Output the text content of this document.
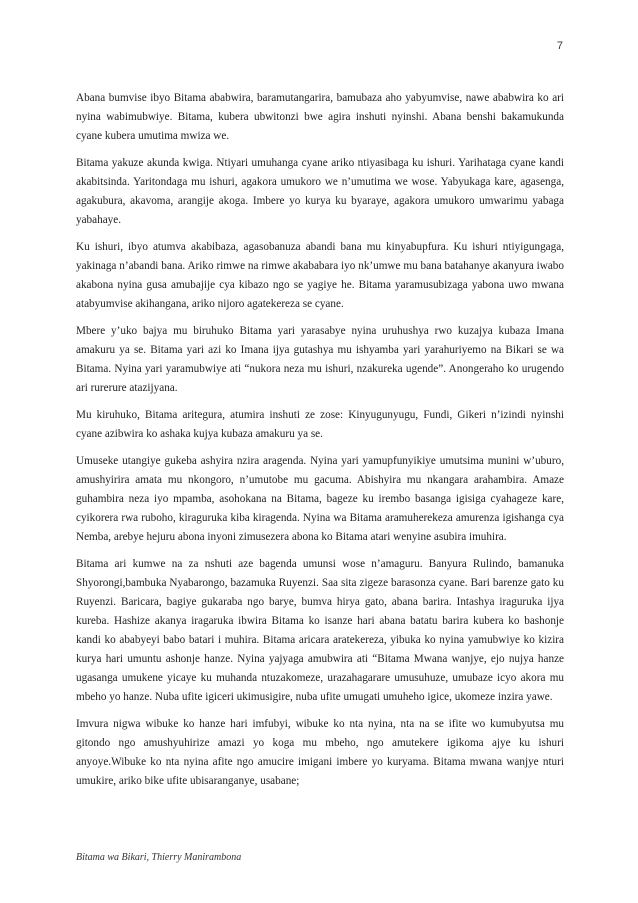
7

Abana bumvise ibyo Bitama ababwira, baramutangarira, bamubaza aho yabyumvise, nawe ababwira ko ari nyina wabimubwiye. Bitama, kubera ubwitonzi bwe agira inshuti nyinshi. Abana benshi bakamukunda cyane kubera umutima mwiza we.

Bitama yakuze akunda kwiga. Ntiyari umuhanga cyane ariko ntiyasibaga ku ishuri. Yarihataga cyane kandi akabitsinda. Yaritondaga mu ishuri, agakora umukoro we n’umutima we wose. Yabyukaga kare, agasenga, agakubura, akavoma, arangije akoga. Imbere yo kurya ku byaraye, agakora umukoro umwarimu yabaga yabahaye.

Ku ishuri, ibyo atumva akabibaza, agasobanuza abandi bana mu kinyabupfura. Ku ishuri ntiyigungaga, yakinaga n’abandi bana. Ariko rimwe na rimwe akababara iyo nk’umwe mu bana batahanye akanyura iwabo akabona nyina gusa amubajije cya kibazo ngo se yagiye he. Bitama yaramusubizaga yabona uwo mwana atabyumvise akihangana, ariko nijoro agatekereza se cyane.

Mbere y’uko bajya mu biruhuko Bitama yari yarasabye nyina uruhushya rwo kuzajya kubaza Imana amakuru ya se. Bitama yari azi ko Imana ijya gutashya mu ishyamba yari yarahuriyemo na Bikari se wa Bitama. Nyina yari yaramubwiye ati “nukora neza mu ishuri, nzakureka ugende”. Anongeraho ko urugendo ari rurerure atazijyana.

Mu kiruhuko, Bitama aritegura, atumira inshuti ze zose: Kinyugunyugu, Fundi, Gikeri n’izindi nyinshi cyane azibwira ko ashaka kujya kubaza amakuru ya se.

Umuseke utangiye gukeba ashyira nzira aragenda. Nyina yari yamupfunyikiye umutsima munini w’uburo, amushyirira amata mu nkongoro, n’umutobe mu gacuma. Abishyira mu nkangara arahambira. Amaze guhambira neza iyo mpamba, asohokana na Bitama, bageze ku irembo basanga igisiga cyahageze kare, cyikorera rwa ruboho, kiraguruka kiba kiragenda. Nyina wa Bitama aramuherekeza amurenza igishanga cya Nemba, arebye hejuru abona inyoni zimusezera abona ko Bitama atari wenyine asubira imuhira.

Bitama ari kumwe na za nshuti aze bagenda umunsi wose n’amaguru. Banyura Rulindo, bamanuka Shyorongi,bambuka Nyabarongo, bazamuka Ruyenzi. Saa sita zigeze barasonza cyane. Bari barenze gato ku Ruyenzi. Baricara, bagiye gukaraba ngo barye, bumva hirya gato, abana barira. Intashya iraguruka ijya kureba. Hashize akanya iragaruka ibwira Bitama ko isanze hari abana batatu barira kubera ko bashonje kandi ko ababyeyi babo batari i muhira. Bitama aricara aratekereza, yibuka ko nyina yamubwiye ko kizira kurya hari umuntu ashonje hanze. Nyina yajyaga amubwira ati “Bitama Mwana wanjye, ejo nujya hanze ugasanga umukene yicaye ku muhanda ntuzakomeze, urazahagarare umusuhuze, umubaze icyo akora mu mbeho yo hanze. Nuba ufite igiceri ukimusigire, nuba ufite umugati umuheho igice, ukomeze inzira yawe.

Imvura nigwa wibuke ko hanze hari imfubyi, wibuke ko nta nyina, nta na se ifite wo kumubyutsa mu gitondo ngo amushyuhirize amazi yo koga mu mbeho, ngo amutekere igikoma ajye ku ishuri anyoye.Wibuke ko nta nyina afite ngo amucire imigani imbere yo kuryama. Bitama mwana wanjye nturi umukire, ariko bike ufite ubisaranganye, usabane;

Bitama wa Bikari, Thierry Manirambona
